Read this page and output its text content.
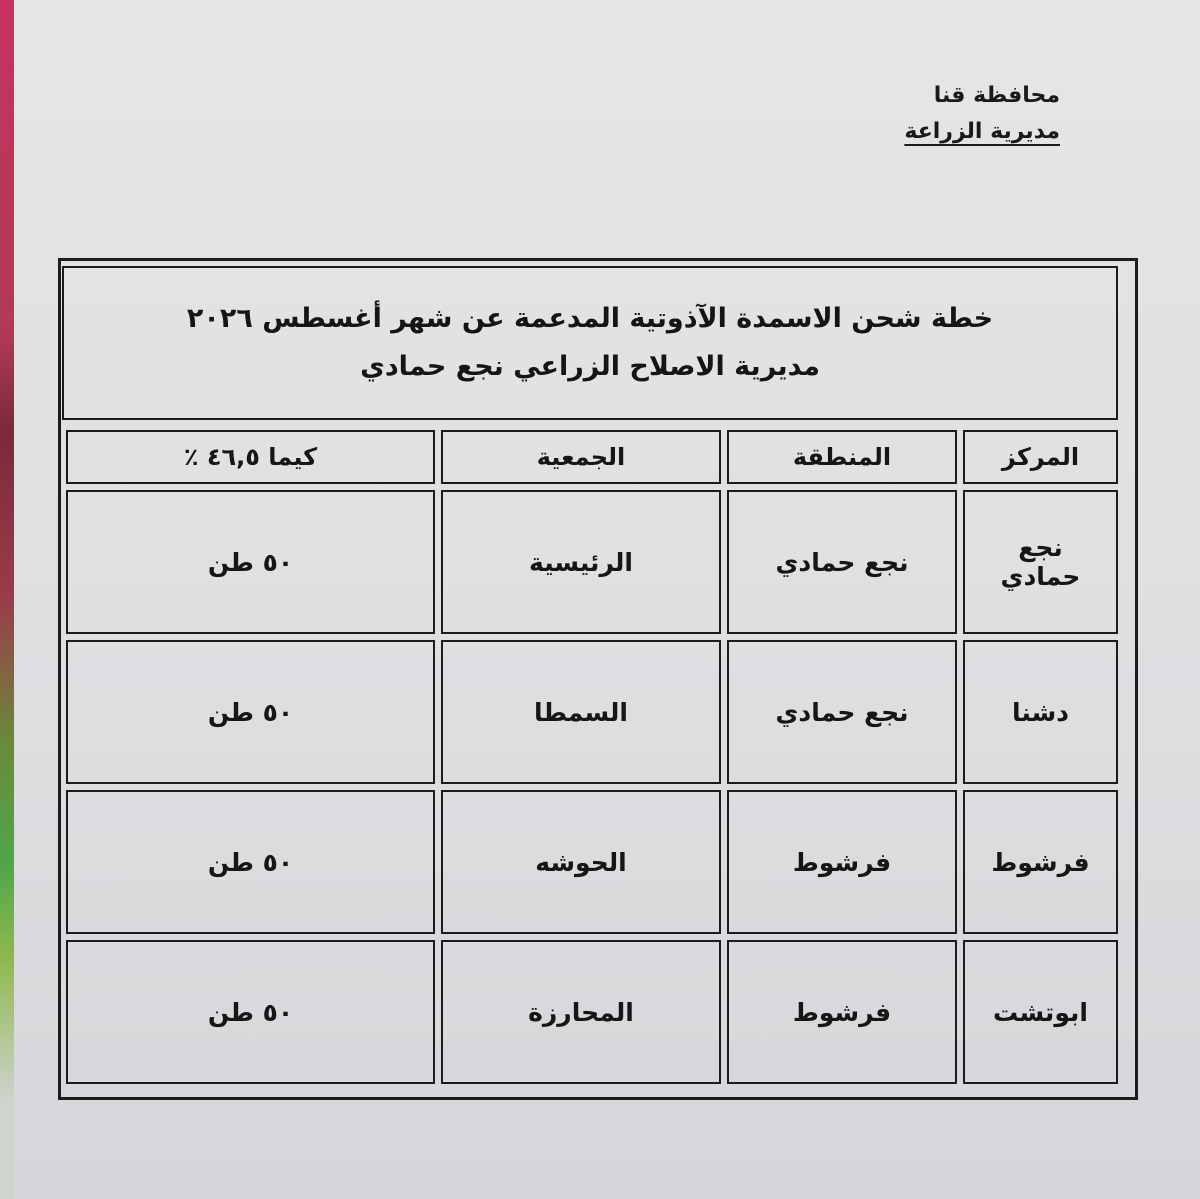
محافظة قنا
مديرية الزراعة
خطة شحن الاسمدة الآذوتية المدعمة عن شهر أغسطس ٢٠٢٦
مديرية الاصلاح الزراعي نجع حمادي
المركز	المنطقة	الجمعية	كيما ٤٦,٥ ٪
نجع حمادي	نجع حمادي	الرئيسية	٥٠ طن
دشنا	نجع حمادي	السمطا	٥٠ طن
فرشوط	فرشوط	الحوشه	٥٠ طن
ابوتشت	فرشوط	المحارزة	٥٠ طن
